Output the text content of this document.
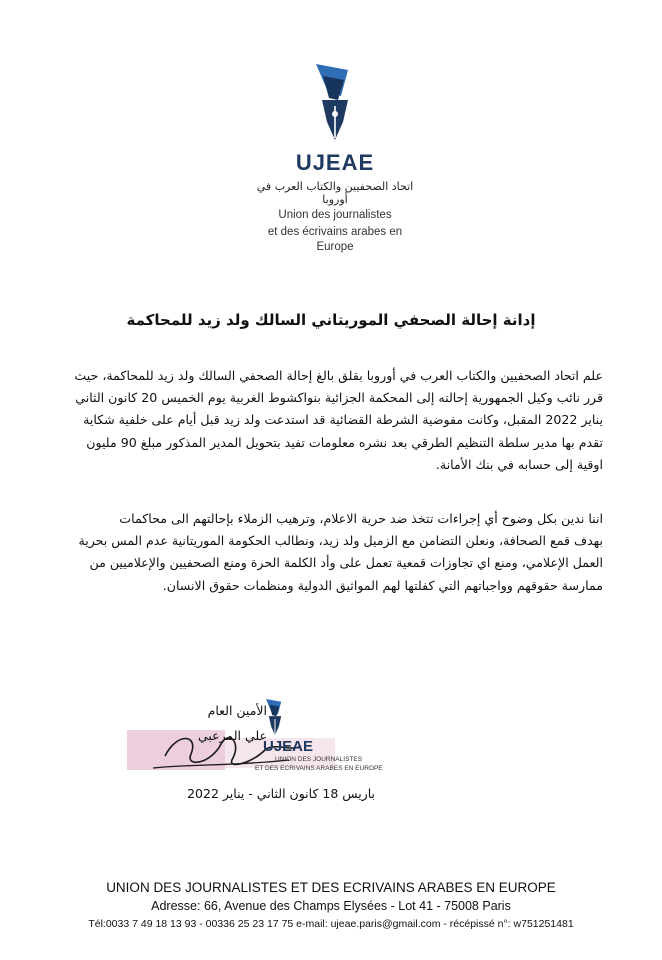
UJEAE
اتحاد الصحفيين والكتاب العرب في أوروبا
Union des journalistes
et des écrivains arabes en Europe
إدانة إحالة الصحفي الموريتاني السالك ولد زيد للمحاكمة
علم اتحاد الصحفيين والكتاب العرب في أوروبا بقلق بالغ إحالة الصحفي السالك ولد زيد للمحاكمة، حيث
قرر نائب وكيل الجمهورية إحالته إلى المحكمة الجزائية بنواكشوط الغربية يوم الخميس 20 كانون الثاني
يناير 2022 المقبل، وكانت مفوضية الشرطة القضائية قد استدعت ولد زيد قبل أيام على خلفية شكاية
تقدم بها مدير سلطة التنظيم الطرقي بعد نشره معلومات تفيد بتحويل المدير المذكور مبلغ 90 مليون
اوقية إلى حسابه في بنك الأمانة.
اننا ندين بكل وضوح أي إجراءات تتخذ ضد حرية الاعلام، وترهيب الزملاء بإحالتهم الى محاكمات
بهدف قمع الصحافة، ونعلن التضامن مع الزميل ولد زيد، ونطالب الحكومة الموريتانية عدم المس بحرية
العمل الإعلامي، ومنع اي تجاوزات قمعية تعمل على وأد الكلمة الحرة ومنع الصحفيين والإعلاميين من
ممارسة حقوقهم وواجباتهم التي كفلتها لهم المواثيق الدولية ومنظمات حقوق الانسان.
الأمين العام
علي المرعبي
UJEAE
UNION DES JOURNALISTES
ET DES ECRIVAINS ARABES EN EUROPE
باريس 18 كانون الثاني - يناير 2022
UNION DES JOURNALISTES ET DES ECRIVAINS ARABES EN EUROPE
Adresse: 66, Avenue des Champs Elysées - Lot 41 - 75008 Paris
Tél:0033 7 49 18 13 93 - 00336 25 23 17 75 e-mail: ujeae.paris@gmail.com - récépissé n°: w751251481
